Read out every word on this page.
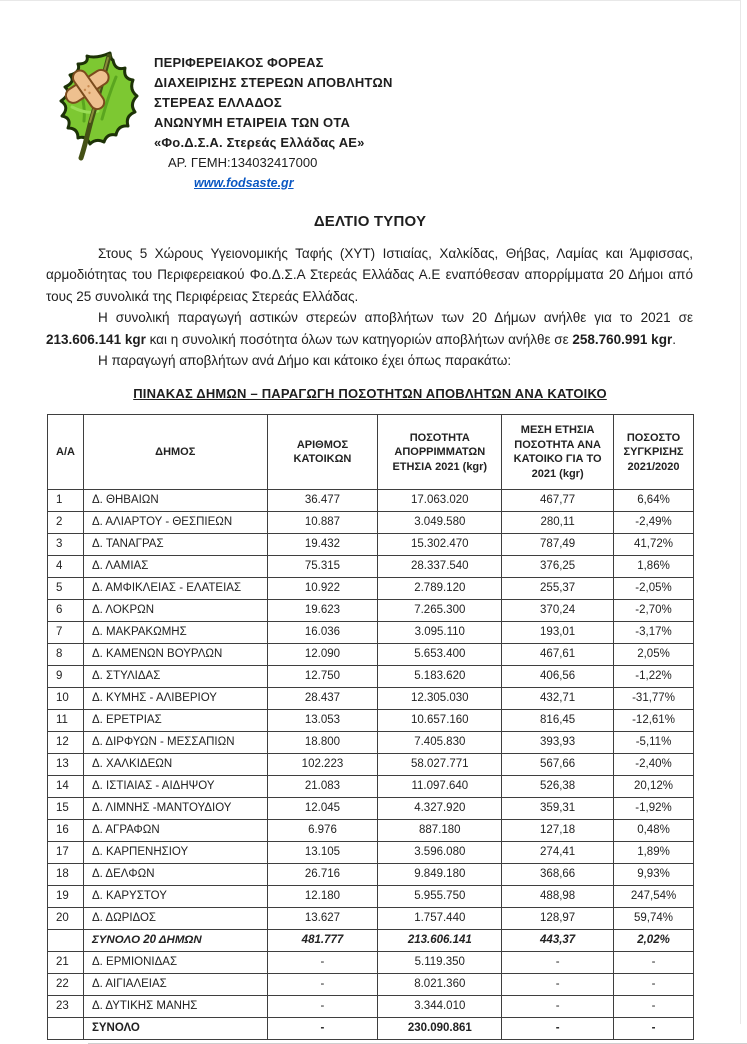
ΠΕΡΙΦΕΡΕΙΑΚΟΣ ΦΟΡΕΑΣ
ΔΙΑΧΕΙΡΙΣΗΣ ΣΤΕΡΕΩΝ ΑΠΟΒΛΗΤΩΝ
ΣΤΕΡΕΑΣ ΕΛΛΑΔΟΣ
ΑΝΩΝΥΜΗ ΕΤΑΙΡΕΙΑ ΤΩΝ ΟΤΑ
«Φο.Δ.Σ.Α. Στερεάς Ελλάδας ΑΕ»
ΑΡ. ΓΕΜΗ:134032417000
www.fodsaste.gr
ΔΕΛΤΙΟ ΤΥΠΟΥ

Στους 5 Χώρους Υγειονομικής Ταφής (ΧΥΤ) Ιστιαίας, Χαλκίδας, Θήβας, Λαμίας και Άμφισσας, αρμοδιότητας του Περιφερειακού Φο.Δ.Σ.Α Στερεάς Ελλάδας Α.Ε εναπόθεσαν απορρίμματα 20 Δήμοι από τους 25 συνολικά της Περιφέρειας Στερεάς Ελλάδας.

Η συνολική παραγωγή αστικών στερεών αποβλήτων των 20 Δήμων ανήλθε για το 2021 σε 213.606.141 kgr και η συνολική ποσότητα όλων των κατηγοριών αποβλήτων ανήλθε σε 258.760.991 kgr.

Η παραγωγή αποβλήτων ανά Δήμο και κάτοικο έχει όπως παρακάτω:

ΠΙΝΑΚΑΣ ΔΗΜΩΝ – ΠΑΡΑΓΩΓΗ ΠΟΣΟΤΗΤΩΝ ΑΠΟΒΛΗΤΩΝ ΑΝΑ ΚΑΤΟΙΚΟ
Α/Α	ΔΗΜΟΣ	ΑΡΙΘΜΟΣ ΚΑΤΟΙΚΩΝ	ΠΟΣΟΤΗΤΑ ΑΠΟΡΡΙΜΜΑΤΩΝ ΕΤΗΣΙΑ 2021 (kgr)	ΜΕΣΗ ΕΤΗΣΙΑ ΠΟΣΟΤΗΤΑ ΑΝΑ ΚΑΤΟΙΚΟ ΓΙΑ ΤΟ 2021 (kgr)	ΠΟΣΟΣΤΟ ΣΥΓΚΡΙΣΗΣ 2021/2020
1	Δ. ΘΗΒΑΙΩΝ	36.477	17.063.020	467,77	6,64%
2	Δ. ΑΛΙΑΡΤΟΥ - ΘΕΣΠΙΕΩΝ	10.887	3.049.580	280,11	-2,49%
3	Δ. ΤΑΝΑΓΡΑΣ	19.432	15.302.470	787,49	41,72%
4	Δ. ΛΑΜΙΑΣ	75.315	28.337.540	376,25	1,86%
5	Δ. ΑΜΦΙΚΛΕΙΑΣ - ΕΛΑΤΕΙΑΣ	10.922	2.789.120	255,37	-2,05%
6	Δ. ΛΟΚΡΩΝ	19.623	7.265.300	370,24	-2,70%
7	Δ. ΜΑΚΡΑΚΩΜΗΣ	16.036	3.095.110	193,01	-3,17%
8	Δ. ΚΑΜΕΝΩΝ ΒΟΥΡΛΩΝ	12.090	5.653.400	467,61	2,05%
9	Δ. ΣΤΥΛΙΔΑΣ	12.750	5.183.620	406,56	-1,22%
10	Δ. ΚΥΜΗΣ - ΑΛΙΒΕΡΙΟΥ	28.437	12.305.030	432,71	-31,77%
11	Δ. ΕΡΕΤΡΙΑΣ	13.053	10.657.160	816,45	-12,61%
12	Δ. ΔΙΡΦΥΩΝ - ΜΕΣΣΑΠΙΩΝ	18.800	7.405.830	393,93	-5,11%
13	Δ. ΧΑΛΚΙΔΕΩΝ	102.223	58.027.771	567,66	-2,40%
14	Δ. ΙΣΤΙΑΙΑΣ - ΑΙΔΗΨΟΥ	21.083	11.097.640	526,38	20,12%
15	Δ. ΛΙΜΝΗΣ -ΜΑΝΤΟΥΔΙΟΥ	12.045	4.327.920	359,31	-1,92%
16	Δ. ΑΓΡΑΦΩΝ	6.976	887.180	127,18	0,48%
17	Δ. ΚΑΡΠΕΝΗΣΙΟΥ	13.105	3.596.080	274,41	1,89%
18	Δ. ΔΕΛΦΩΝ	26.716	9.849.180	368,66	9,93%
19	Δ. ΚΑΡΥΣΤΟΥ	12.180	5.955.750	488,98	247,54%
20	Δ. ΔΩΡΙΔΟΣ	13.627	1.757.440	128,97	59,74%
	ΣΥΝΟΛΟ 20 ΔΗΜΩΝ	481.777	213.606.141	443,37	2,02%
21	Δ. ΕΡΜΙΟΝΙΔΑΣ	-	5.119.350	-	-
22	Δ. ΑΙΓΙΑΛΕΙΑΣ	-	8.021.360	-	-
23	Δ. ΔΥΤΙΚΗΣ ΜΑΝΗΣ	-	3.344.010	-	-
	ΣΥΝΟΛΟ	-	230.090.861	-	-
